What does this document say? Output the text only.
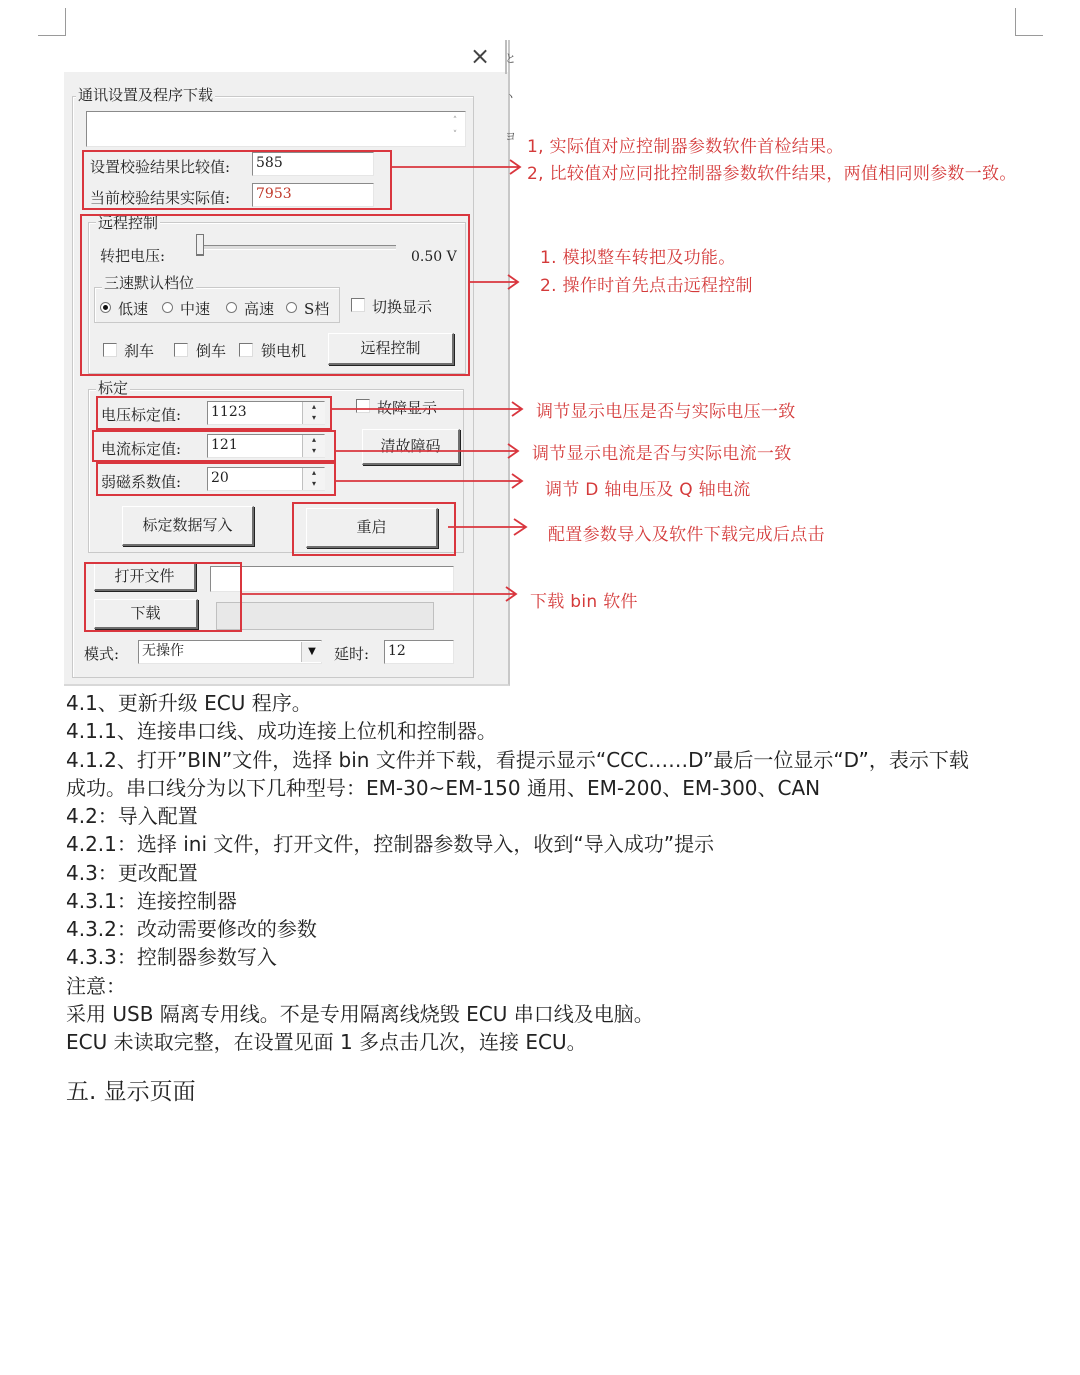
× と
ヽ
ヨ
通讯设置及程序下载
˄
˅
设置校验结果比较值: 585
当前校验结果实际值: 7953
远程控制
转把电压:	0.50 V
三速默认档位
低速 中速 高速 S档	切换显示
刹车	倒车 锁电机	远程控制
标定
电压标定值: 1123	▴
▾
故障显示
电流标定值: 121	▴
▾	清故障码
弱磁系数值: 20	▴
▾
标定数据写入	重启
打开文件
下载
模式: 无操作	▼	延时: 12
1, 实际值对应控制器参数软件首检结果。
2, 比较值对应同批控制器参数软件结果，两值相同则参数一致。
1. 模拟整车转把及功能。
2. 操作时首先点击远程控制
调节显示电压是否与实际电压一致
调节显示电流是否与实际电流一致
调节 D 轴电压及 Q 轴电流
配置参数导入及软件下载完成后点击
下载 bin 软件
4.1、更新升级 ECU 程序。
4.1.1、连接串口线、成功连接上位机和控制器。
4.1.2、打开”BIN”文件，选择 bin 文件并下载，看提示显示“CCC……D”最后一位显示“D”，表示下载
成功。串口线分为以下几种型号：EM-30~EM-150 通用、EM-200、EM-300、CAN
4.2：导入配置
4.2.1：选择 ini 文件，打开文件，控制器参数导入，收到“导入成功”提示
4.3：更改配置
4.3.1：连接控制器
4.3.2：改动需要修改的参数
4.3.3：控制器参数写入
注意：
采用 USB 隔离专用线。不是专用隔离线烧毁 ECU 串口线及电脑。
ECU 未读取完整，在设置见面 1 多点击几次，连接 ECU。
五. 显示页面
